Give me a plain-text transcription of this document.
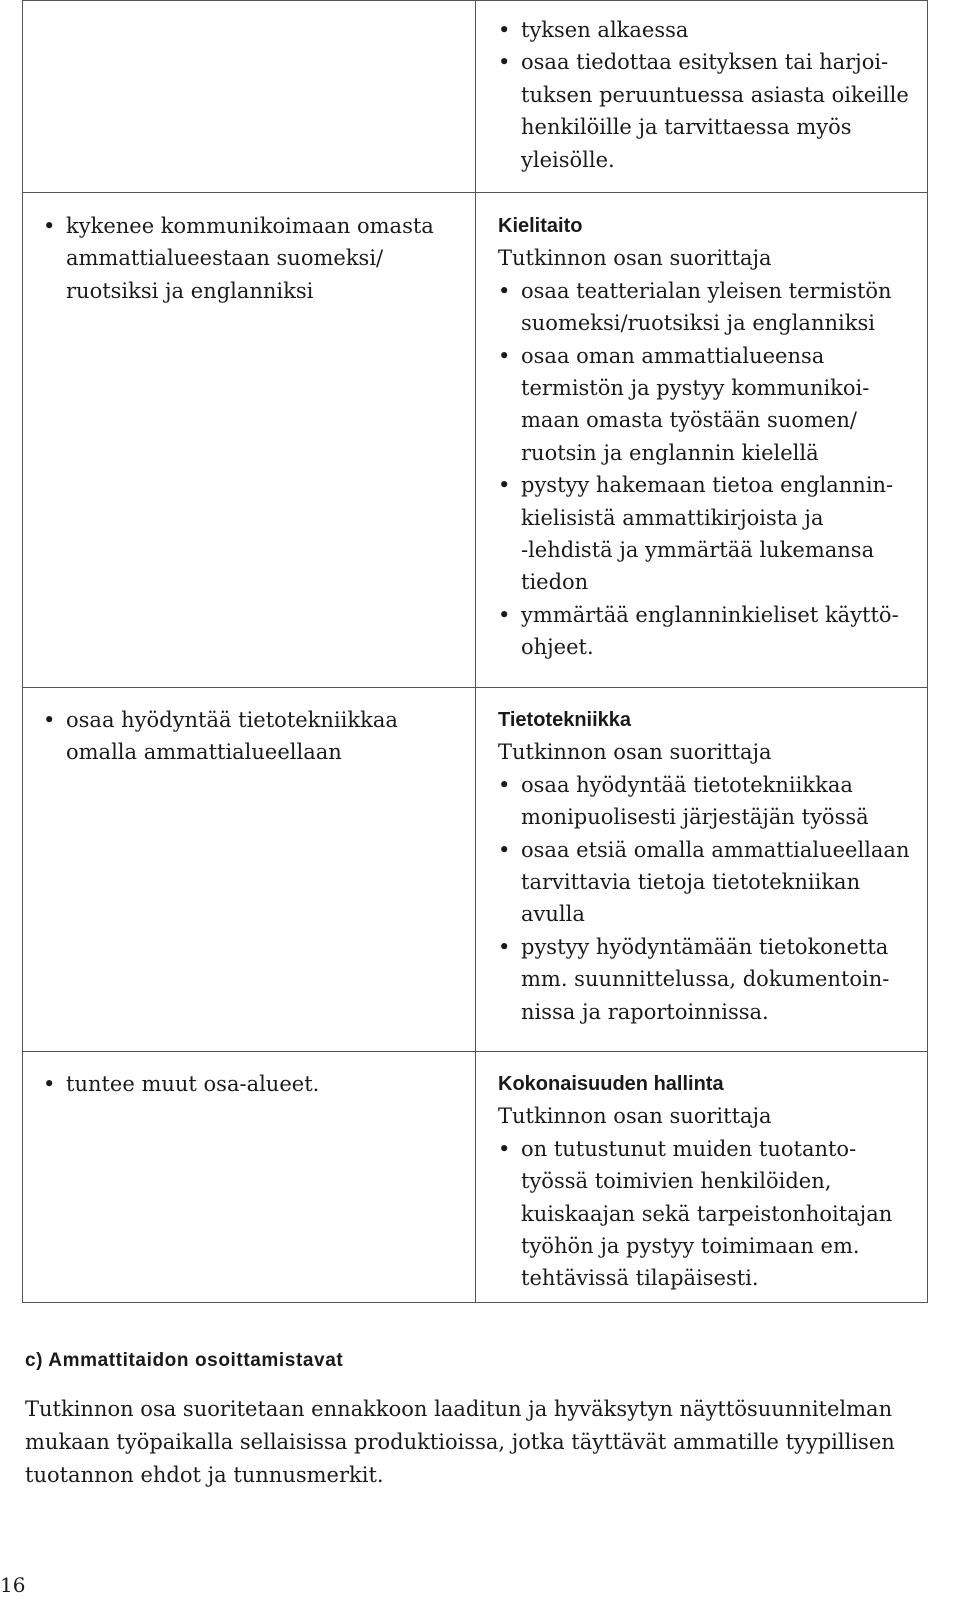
• tyksen alkaessa
• osaa tiedottaa esityksen tai harjoi-
tuksen peruuntuessa asiasta oikeille
henkilöille ja tarvittaessa myös
yleisölle.
• kykenee kommunikoimaan omasta
ammattialueestaan suomeksi/
ruotsiksi ja englanniksi
Kielitaito
Tutkinnon osan suorittaja
• osaa teatterialan yleisen termistön
suomeksi/ruotsiksi ja englanniksi
• osaa oman ammattialueensa
termistön ja pystyy kommunikoi-
maan omasta työstään suomen/
ruotsin ja englannin kielellä
• pystyy hakemaan tietoa englannin-
kielisistä ammattikirjoista ja
-lehdistä ja ymmärtää lukemansa
tiedon
• ymmärtää englanninkieliset käyttö-
ohjeet.
• osaa hyödyntää tietotekniikkaa
omalla ammattialueellaan
Tietotekniikka
Tutkinnon osan suorittaja
• osaa hyödyntää tietotekniikkaa
monipuolisesti järjestäjän työssä
• osaa etsiä omalla ammattialueellaan
tarvittavia tietoja tietotekniikan
avulla
• pystyy hyödyntämään tietokonetta
mm. suunnittelussa, dokumentoin-
nissa ja raportoinnissa.
• tuntee muut osa-alueet.	Kokonaisuuden hallinta
Tutkinnon osan suorittaja
• on tutustunut muiden tuotanto-
työssä toimivien henkilöiden,
kuiskaajan sekä tarpeistonhoitajan
työhön ja pystyy toimimaan em.
tehtävissä tilapäisesti.
c) Ammattitaidon osoittamistavat
Tutkinnon osa suoritetaan ennakkoon laaditun ja hyväksytyn näyttösuunnitelman
mukaan työpaikalla sellaisissa produktioissa, jotka täyttävät ammatille tyypillisen
tuotannon ehdot ja tunnusmerkit.
16
